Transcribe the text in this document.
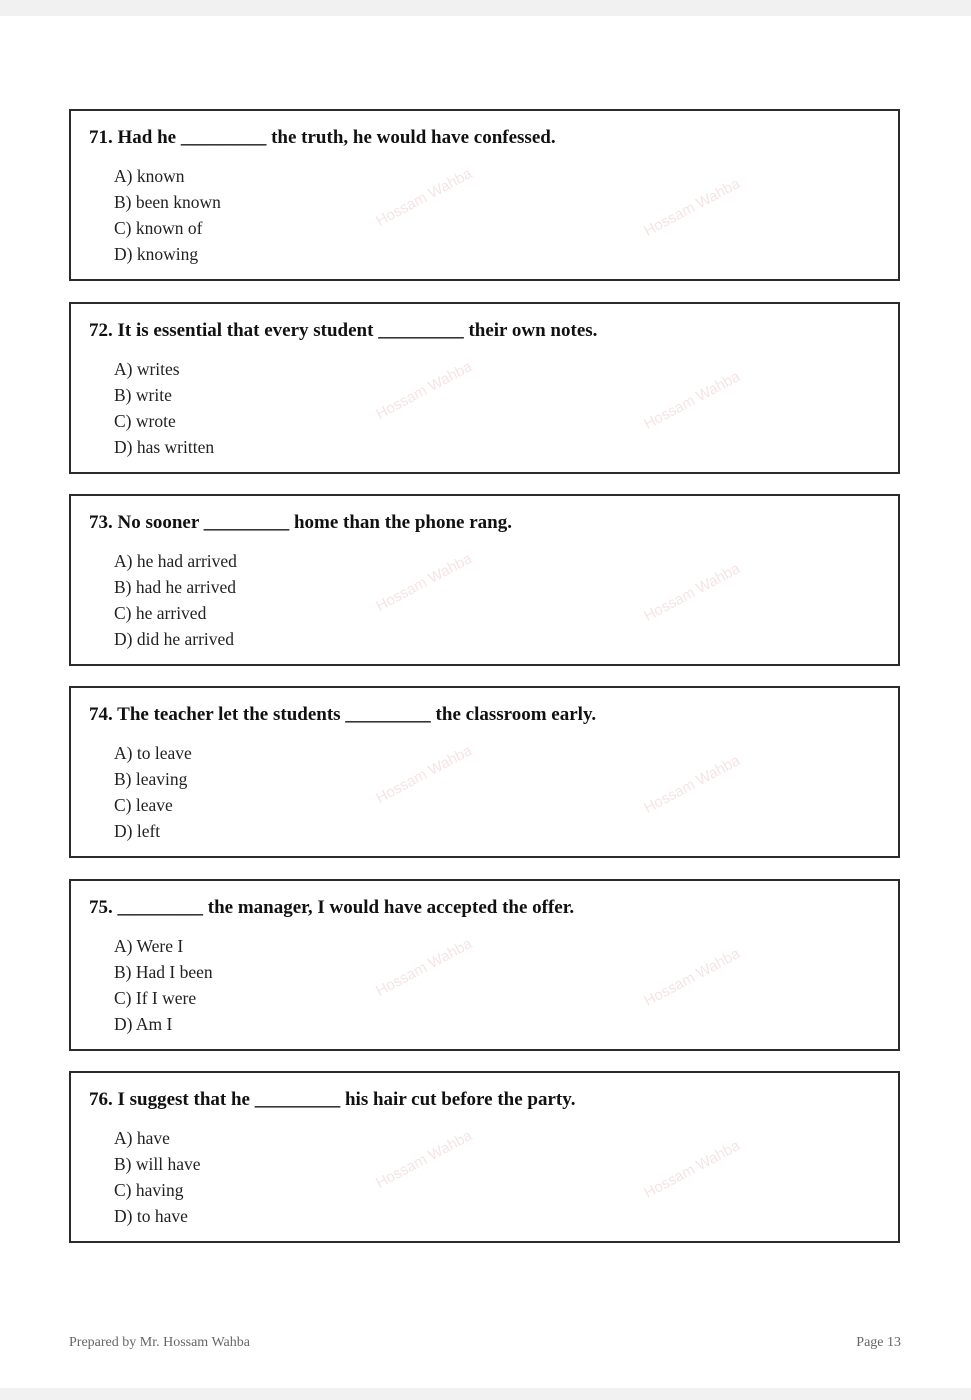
71. Had he _________ the truth, he would have confessed.
A) known
B) been known
C) known of
D) knowing
Hossam Wahba	Hossam Wahba
72. It is essential that every student _________ their own notes.
A) writes
B) write
C) wrote
D) has written
Hossam Wahba	Hossam Wahba
73. No sooner _________ home than the phone rang.
A) he had arrived
B) had he arrived
C) he arrived
D) did he arrived
Hossam Wahba	Hossam Wahba
74. The teacher let the students _________ the classroom early.
A) to leave
B) leaving
C) leave
D) left
Hossam Wahba	Hossam Wahba
75. _________ the manager, I would have accepted the offer.
A) Were I
B) Had I been
C) If I were
D) Am I
Hossam Wahba	Hossam Wahba
76. I suggest that he _________ his hair cut before the party.
A) have
B) will have
C) having
D) to have
Hossam Wahba	Hossam Wahba
Prepared by Mr. Hossam Wahba	Page 13
